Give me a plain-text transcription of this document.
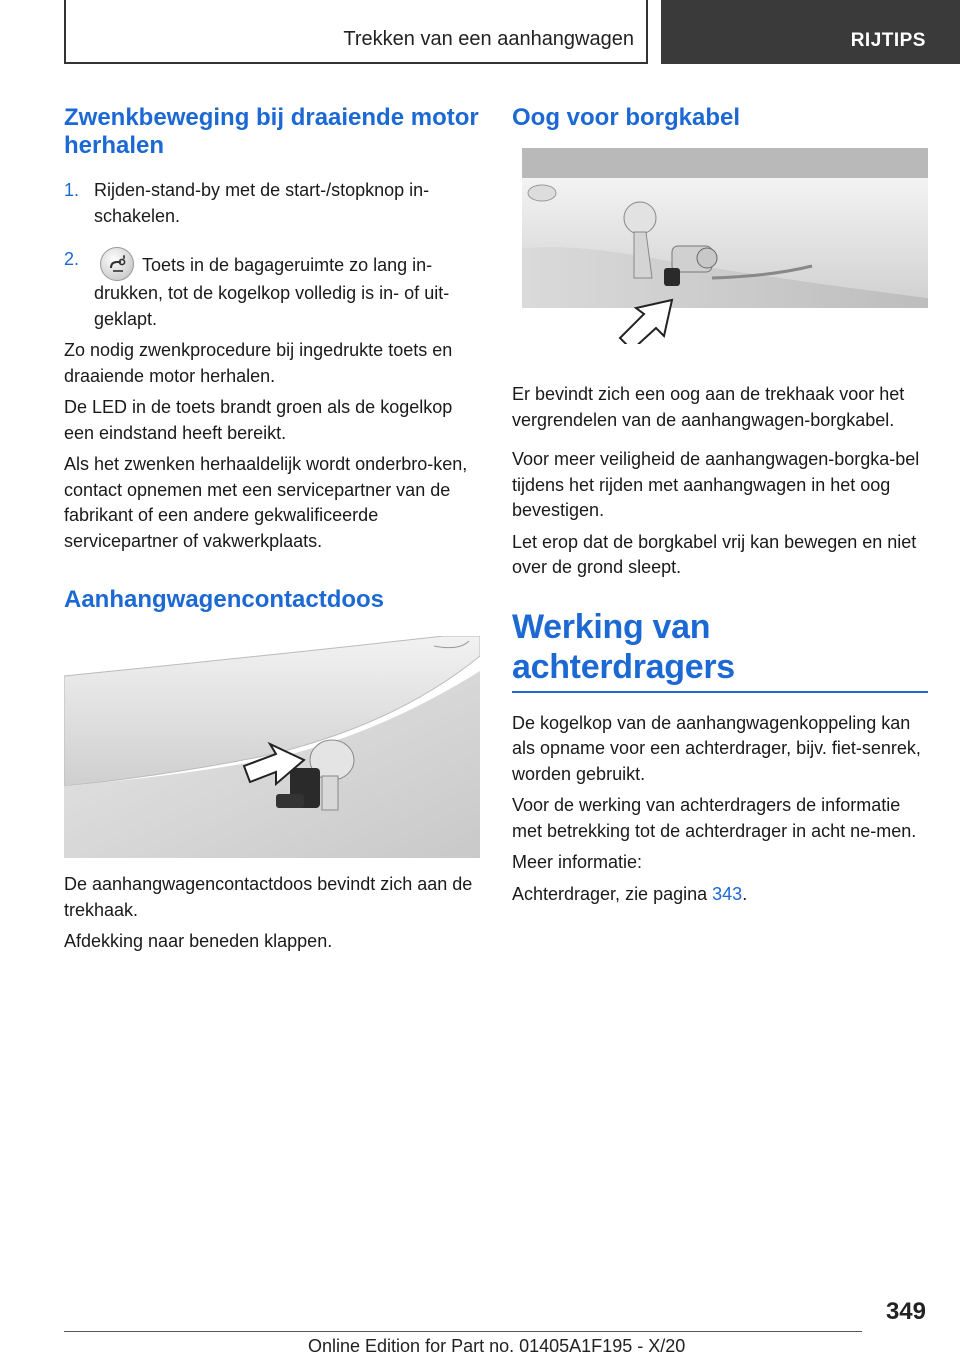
Trekken van een aanhangwagen	RIJTIPS
Zwenkbeweging bij draaiende motor herhalen
1. Rijden-stand-by met de start-/stopknop in-schakelen.
2.	Toets in de bagageruimte zo lang in-drukken, tot de kogelkop volledig is in- of uit-geklapt.

Zo nodig zwenkprocedure bij ingedrukte toets en draaiende motor herhalen.

De LED in de toets brandt groen als de kogelkop een eindstand heeft bereikt.

Als het zwenken herhaaldelijk wordt onderbro-ken, contact opnemen met een servicepartner van de fabrikant of een andere gekwalificeerde servicepartner of vakwerkplaats.

Aanhangwagencontactdoos

De aanhangwagencontactdoos bevindt zich aan de trekhaak.

Afdekking naar beneden klappen.

Oog voor borgkabel

Er bevindt zich een oog aan de trekhaak voor het vergrendelen van de aanhangwagen-borgkabel.

Voor meer veiligheid de aanhangwagen-borgka-bel tijdens het rijden met aanhangwagen in het oog bevestigen.

Let erop dat de borgkabel vrij kan bewegen en niet over de grond sleept.

Werking van achterdragers

De kogelkop van de aanhangwagenkoppeling kan als opname voor een achterdrager, bijv. fiet-senrek, worden gebruikt.

Voor de werking van achterdragers de informatie met betrekking tot de achterdrager in acht ne-men.

Meer informatie:

Achterdrager, zie pagina 343.

349
Online Edition for Part no. 01405A1F195 - X/20
